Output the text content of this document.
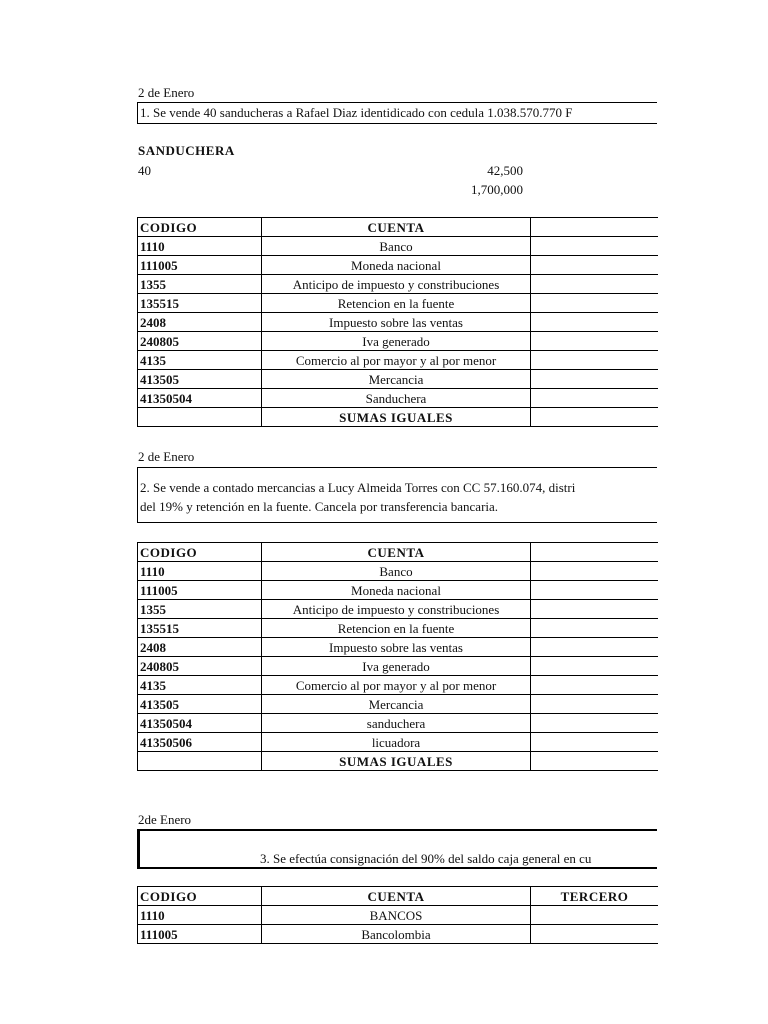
2 de Enero
1. Se vende 40 sanducheras a Rafael Diaz identidicado con cedula 1.038.570.770 F
SANDUCHERA
40	42,500
1,700,000
CODIGO	CUENTA	
1110	Banco	
111005	Moneda nacional	
1355	Anticipo de impuesto y constribuciones	
135515	Retencion en la fuente	
2408	Impuesto sobre las ventas	
240805	Iva generado	
4135	Comercio al por mayor y al por menor	
413505	Mercancia	
41350504	Sanduchera	
	SUMAS IGUALES	
2 de Enero
2. Se vende a contado mercancias a Lucy Almeida Torres con CC 57.160.074, distri
del 19% y retención en la fuente. Cancela por transferencia bancaria.
CODIGO	CUENTA	
1110	Banco	
111005	Moneda nacional	
1355	Anticipo de impuesto y constribuciones	
135515	Retencion en la fuente	
2408	Impuesto sobre las ventas	
240805	Iva generado	
4135	Comercio al por mayor y al por menor	
413505	Mercancia	
41350504	sanduchera	
41350506	licuadora	
	SUMAS IGUALES	
2de Enero
3. Se efectúa consignación del 90% del saldo caja general en cu
CODIGO	CUENTA	TERCERO
1110	BANCOS	
111005	Bancolombia	
